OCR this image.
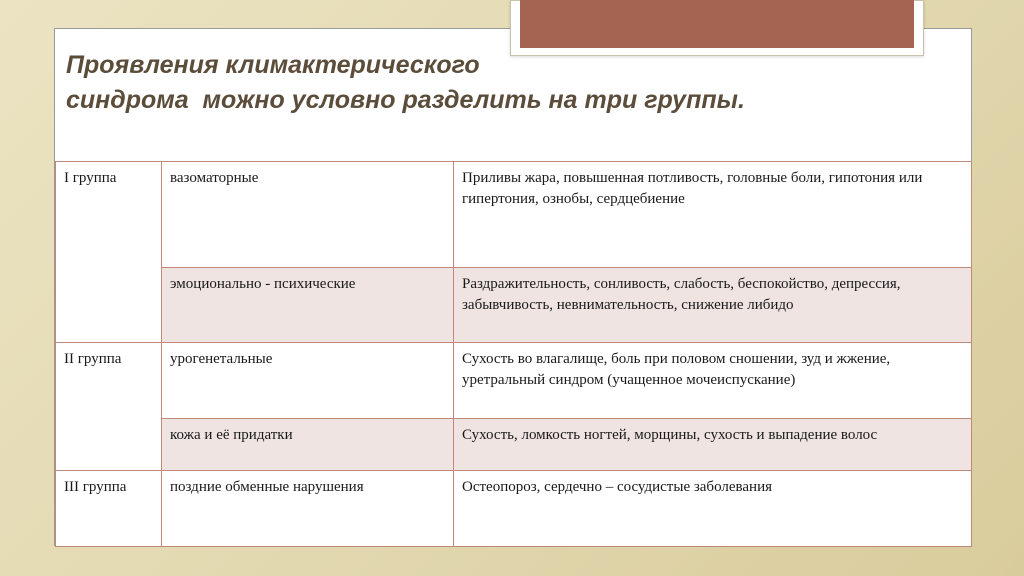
Проявления климактерического
синдрома  можно условно разделить на три группы.
I группа	вазоматорные	Приливы жара, повышенная потливость, головные боли, гипотония или гипертония, ознобы, сердцебиение
	эмоционально - психические	Раздражительность, сонливость, слабость, беспокойство, депрессия, забывчивость, невнимательность, снижение либидо
II группа	урогенетальные	Сухость во влагалище, боль при половом сношении, зуд и жжение, уретральный синдром (учащенное мочеиспускание)
	кожа и её придатки	Сухость, ломкость ногтей, морщины, сухость и выпадение волос
III группа	поздние обменные нарушения	Остеопороз, сердечно – сосудистые заболевания
